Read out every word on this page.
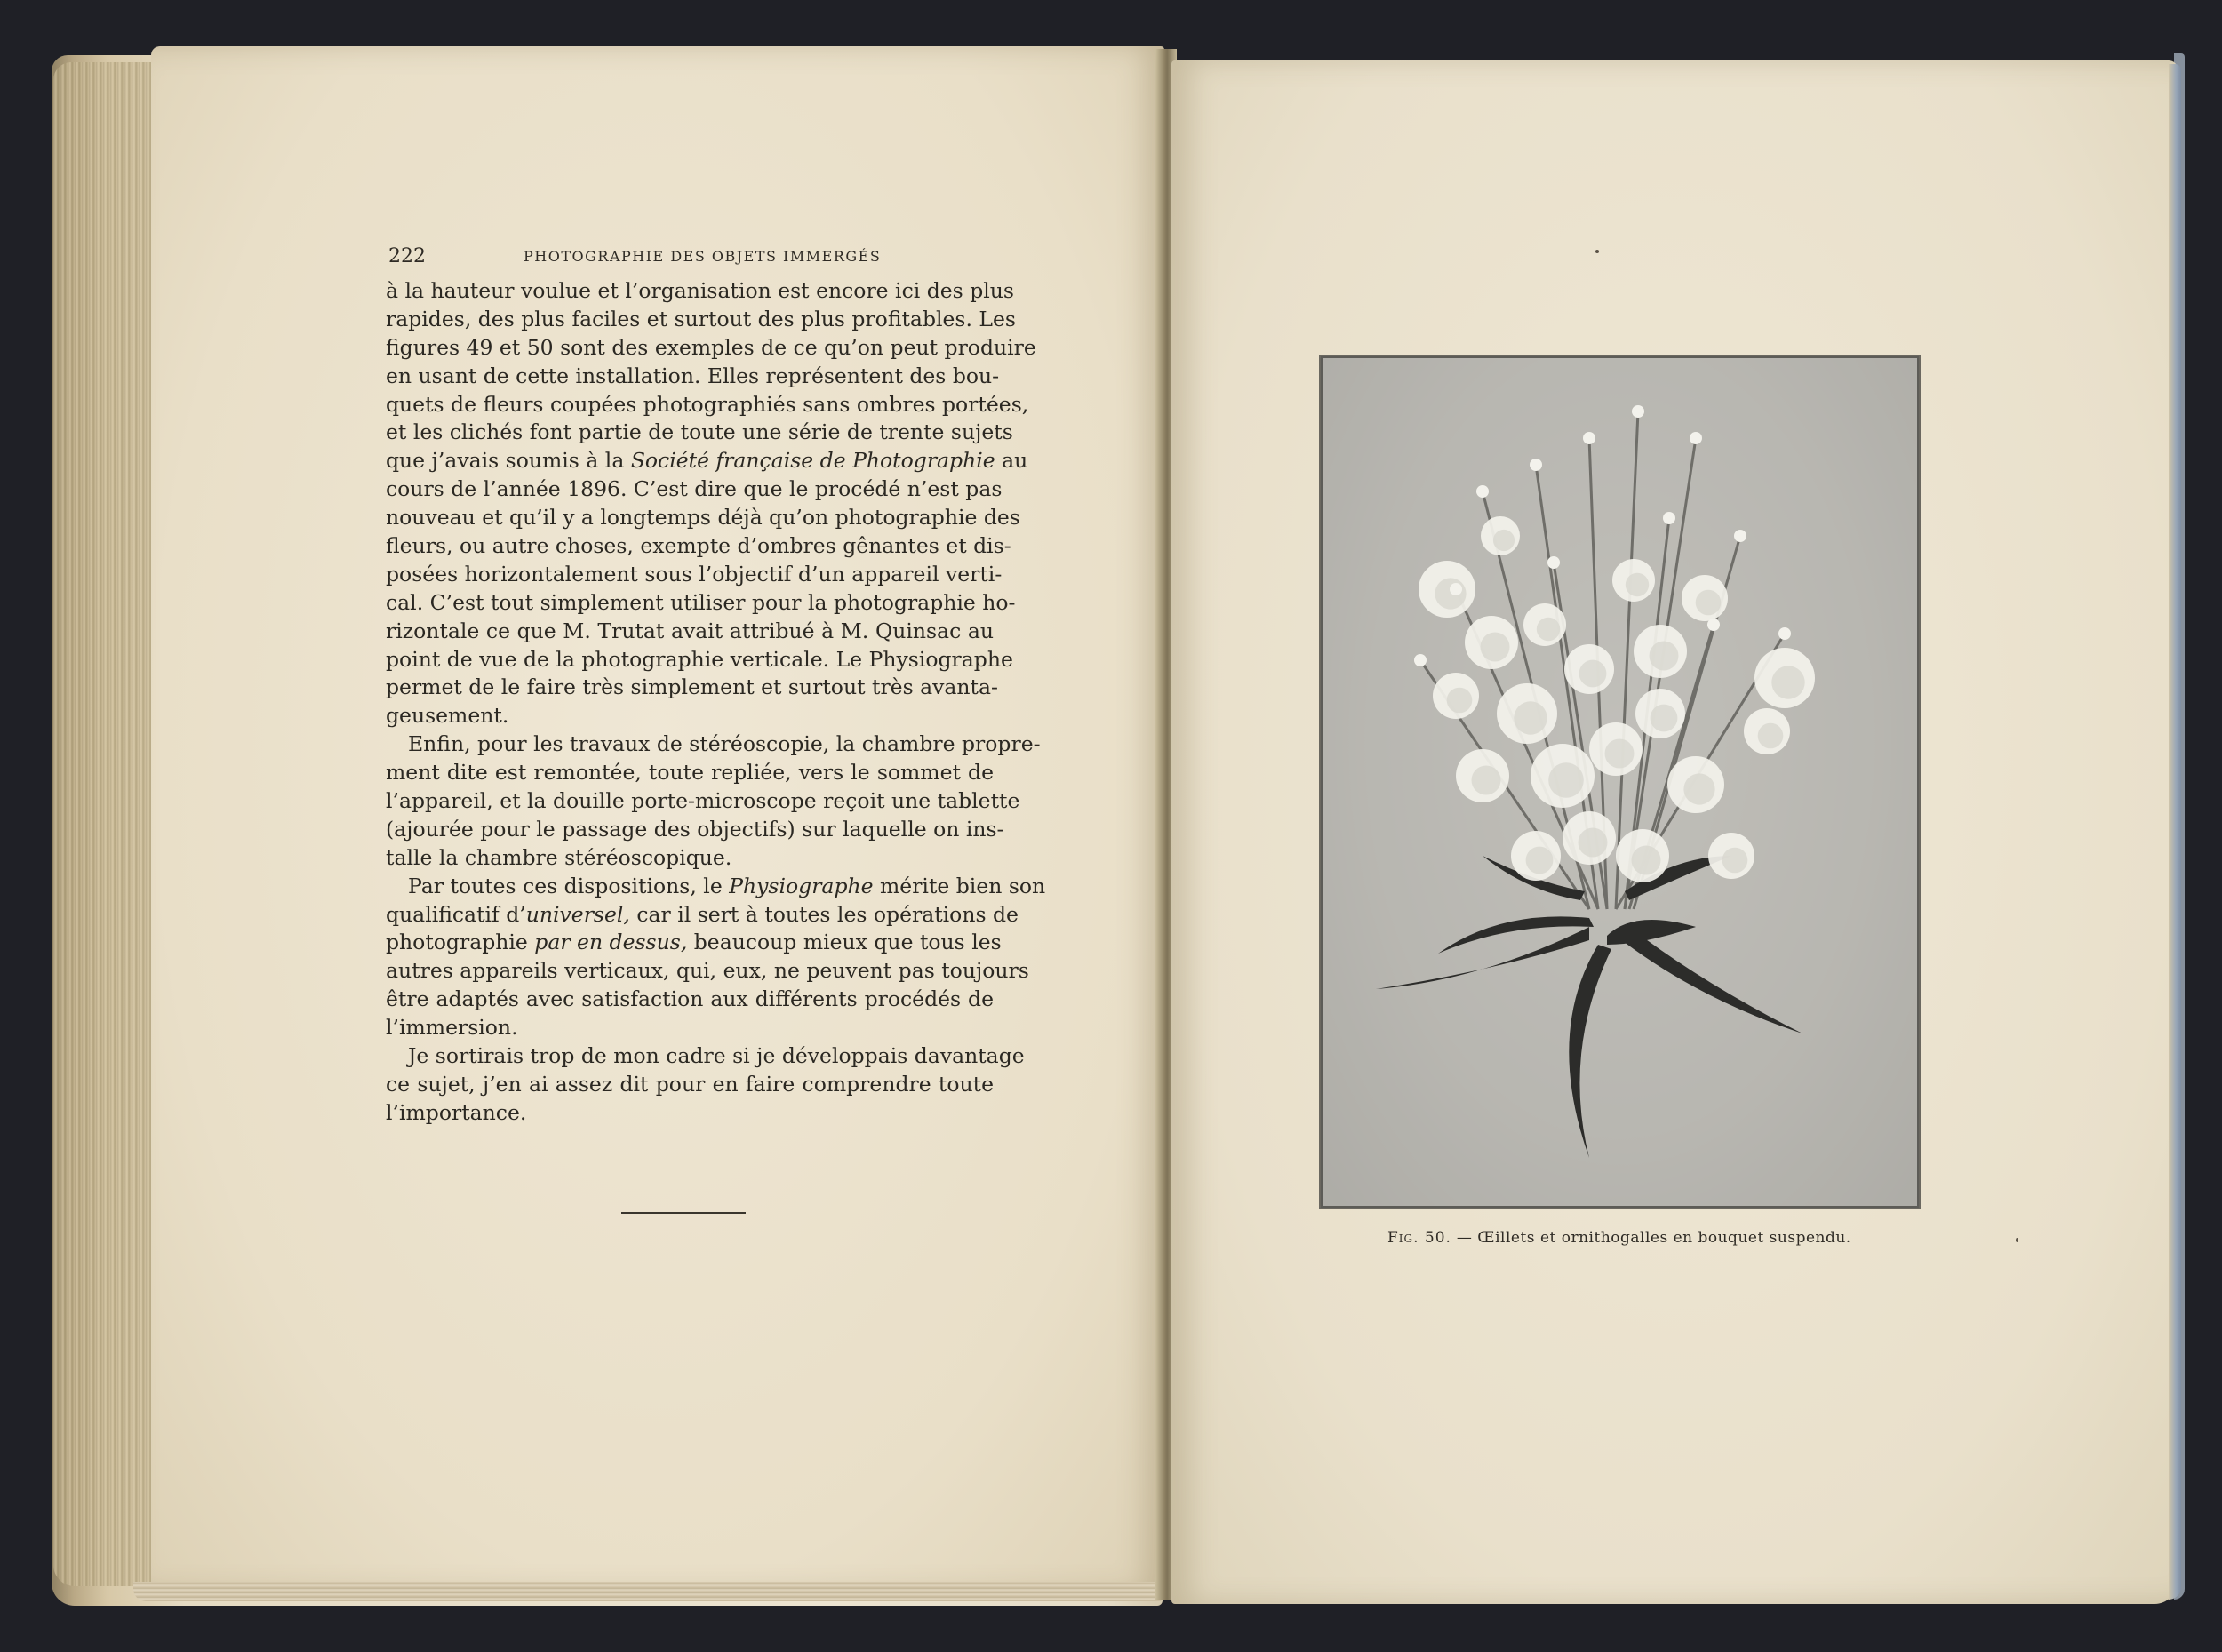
222	PHOTOGRAPHIE DES OBJETS IMMERGÉS
à la hauteur voulue et l’organisation est encore ici des plus
rapides, des plus faciles et surtout des plus profitables. Les
figures 49 et 50 sont des exemples de ce qu’on peut produire
en usant de cette installation. Elles représentent des bou-
quets de fleurs coupées photographiés sans ombres portées,
et les clichés font partie de toute une série de trente sujets
que j’avais soumis à la Société française de Photographie au
cours de l’année 1896. C’est dire que le procédé n’est pas
nouveau et qu’il y a longtemps déjà qu’on photographie des
fleurs, ou autre choses, exempte d’ombres gênantes et dis-
posées horizontalement sous l’objectif d’un appareil verti-
cal. C’est tout simplement utiliser pour la photographie ho-
rizontale ce que M. Trutat avait attribué à M. Quinsac au
point de vue de la photographie verticale. Le Physiographe
permet de le faire très simplement et surtout très avanta-
geusement.
Enfin, pour les travaux de stéréoscopie, la chambre propre-
ment dite est remontée, toute repliée, vers le sommet de
l’appareil, et la douille porte-microscope reçoit une tablette
(ajourée pour le passage des objectifs) sur laquelle on ins-
talle la chambre stéréoscopique.
Par toutes ces dispositions, le Physiographe mérite bien son
qualificatif d’universel, car il sert à toutes les opérations de
photographie par en dessus, beaucoup mieux que tous les
autres appareils verticaux, qui, eux, ne peuvent pas toujours
être adaptés avec satisfaction aux différents procédés de
l’immersion.
Je sortirais trop de mon cadre si je développais davantage
ce sujet, j’en ai assez dit pour en faire comprendre toute
l’importance.
Fig. 50. — Œillets et ornithogalles en bouquet suspendu.
